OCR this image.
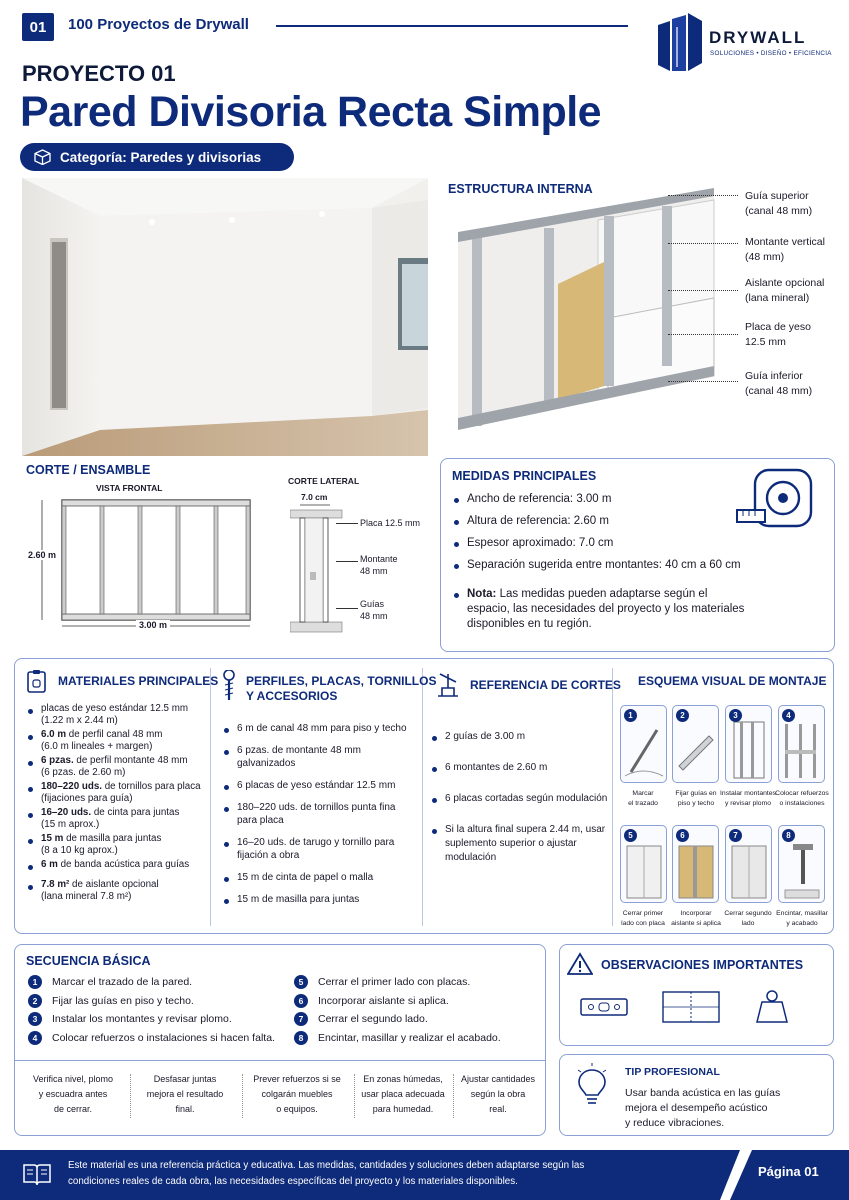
01	100 Proyectos de Drywall
DRYWALL
SOLUCIONES • DISEÑO • EFICIENCIA
PROYECTO 01
Pared Divisoria Recta Simple
Categoría: Paredes y divisorias
ESTRUCTURA INTERNA	Guía superior
(canal 48 mm)
Montante vertical
(48 mm)
Aislante opcional
(lana mineral)
Placa de yeso
12.5 mm
Guía inferior
(canal 48 mm)
CORTE / ENSAMBLE
VISTA FRONTAL
2.60 m
3.00 m
CORTE LATERAL
7.0 cm
Placa 12.5 mm
Montante
48 mm
Guías
48 mm
MEDIDAS PRINCIPALES
Ancho de referencia: 3.00 m
Altura de referencia: 2.60 m
Espesor aproximado: 7.0 cm
Separación sugerida entre montantes: 40 cm a 60 cm
Nota: Las medidas pueden adaptarse según el espacio, las necesidades del proyecto y los materiales disponibles en tu región.
MATERIALES PRINCIPALES
placas de yeso estándar 12.5 mm
(1.22 m x 2.44 m)
6.0 m de perfil canal 48 mm
(6.0 m lineales + margen)
6 pzas. de perfil montante 48 mm
(6 pzas. de 2.60 m)
180–220 uds. de tornillos para placa
(fijaciones para guía)
16–20 uds. de cinta para juntas
(15 m aprox.)
15 m de masilla para juntas
(8 a 10 kg aprox.)
6 m de banda acústica para guías
7.8 m² de aislante opcional
(lana mineral 7.8 m²)
PERFILES, PLACAS, TORNILLOS
Y ACCESORIOS
6 m de canal 48 mm para piso y techo
6 pzas. de montante 48 mm galvanizados
6 placas de yeso estándar 12.5 mm
180–220 uds. de tornillos punta fina para placa
16–20 uds. de tarugo y tornillo para fijación a obra
15 m de cinta de papel o malla
15 m de masilla para juntas
REFERENCIA DE CORTES
2 guías de 3.00 m
6 montantes de 2.60 m
6 placas cortadas según modulación
Si la altura final supera 2.44 m, usar suplemento superior o ajustar modulación
ESQUEMA VISUAL DE MONTAJE
1	2	3	4
Marcar
el trazado
Fijar guías en
piso y techo
Instalar montantes
y revisar plomo
Colocar refuerzos
o instalaciones
5	6	7	8
Cerrar primer
lado con placa
Incorporar
aislante si aplica
Cerrar segundo
lado
Encintar, masillar
y acabado
SECUENCIA BÁSICA
1	Marcar el trazado de la pared.
2	Fijar las guías en piso y techo.
3	Instalar los montantes y revisar plomo.
4	Colocar refuerzos o instalaciones si hacen falta.
5	Cerrar el primer lado con placas.
6	Incorporar aislante si aplica.
7	Cerrar el segundo lado.
8	Encintar, masillar y realizar el acabado.
Verifica nivel, plomo
y escuadra antes
de cerrar.
Desfasar juntas
mejora el resultado
final.
Prever refuerzos si se
colgarán muebles
o equipos.
En zonas húmedas,
usar placa adecuada
para humedad.
Ajustar cantidades
según la obra
real.
OBSERVACIONES IMPORTANTES
TIP PROFESIONAL
Usar banda acústica en las guías
mejora el desempeño acústico
y reduce vibraciones.
Este material es una referencia práctica y educativa. Las medidas, cantidades y soluciones deben adaptarse según las
condiciones reales de cada obra, las necesidades específicas del proyecto y los materiales disponibles.
Página 01
